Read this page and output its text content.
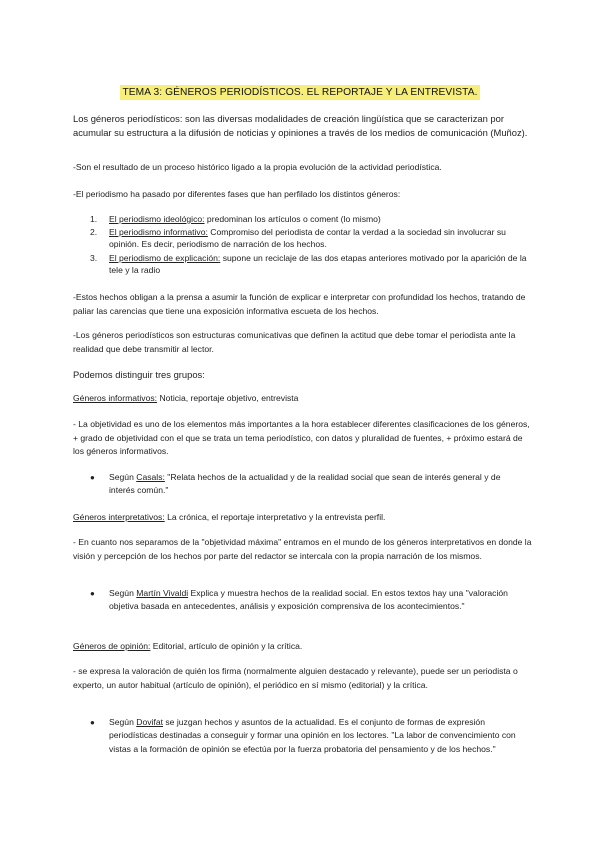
TEMA 3: GÉNEROS PERIODÍSTICOS. EL REPORTAJE Y LA ENTREVISTA.

Los géneros periodísticos: son las diversas modalidades de creación lingüística que se caracterizan por acumular su estructura a la difusión de noticias y opiniones a través de los medios de comunicación (Muñoz).

-Son el resultado de un proceso histórico ligado a la propia evolución de la actividad periodística.

-El periodismo ha pasado por diferentes fases que han perfilado los distintos géneros:

1.	El periodismo ideológico: predominan los artículos o coment (lo mismo)
2.	El periodismo informativo: Compromiso del periodista de contar la verdad a la sociedad sin involucrar su opinión. Es decir, periodismo de narración de los hechos.
3.	El periodismo de explicación: supone un reciclaje de las dos etapas anteriores motivado por la aparición de la tele y la radio

-Estos hechos obligan a la prensa a asumir la función de explicar e interpretar con profundidad los hechos, tratando de paliar las carencias que tiene una exposición informativa escueta de los hechos.

-Los géneros periodísticos son estructuras comunicativas que definen la actitud que debe tomar el periodista ante la realidad que debe transmitir al lector.

Podemos distinguir tres grupos:

Géneros informativos: Noticia, reportaje objetivo, entrevista

- La objetividad es uno de los elementos más importantes a la hora establecer diferentes clasificaciones de los géneros, + grado de objetividad con el que se trata un tema periodístico, con datos y pluralidad de fuentes, + próximo estará de los géneros informativos.

● Según Casals: "Relata hechos de la actualidad y de la realidad social que sean de interés general y de interés común."

Géneros interpretativos: La crónica, el reportaje interpretativo y la entrevista perfil.

- En cuanto nos separamos de la "objetividad máxima" entramos en el mundo de los géneros interpretativos en donde la visión y percepción de los hechos por parte del redactor se intercala con la propia narración de los mismos.

● Según Martín Vivaldi Explica y muestra hechos de la realidad social. En estos textos hay una "valoración objetiva basada en antecedentes, análisis y exposición comprensiva de los acontecimientos."

Géneros de opinión: Editorial, artículo de opinión y la crítica.

- se expresa la valoración de quién los firma (normalmente alguien destacado y relevante), puede ser un periodista o experto, un autor habitual (artículo de opinión), el periódico en sí mismo (editorial) y la crítica.

● Según Dovifat se juzgan hechos y asuntos de la actualidad. Es el conjunto de formas de expresión periodísticas destinadas a conseguir y formar una opinión en los lectores. "La labor de convencimiento con vistas a la formación de opinión se efectúa por la fuerza probatoria del pensamiento y de los hechos."
